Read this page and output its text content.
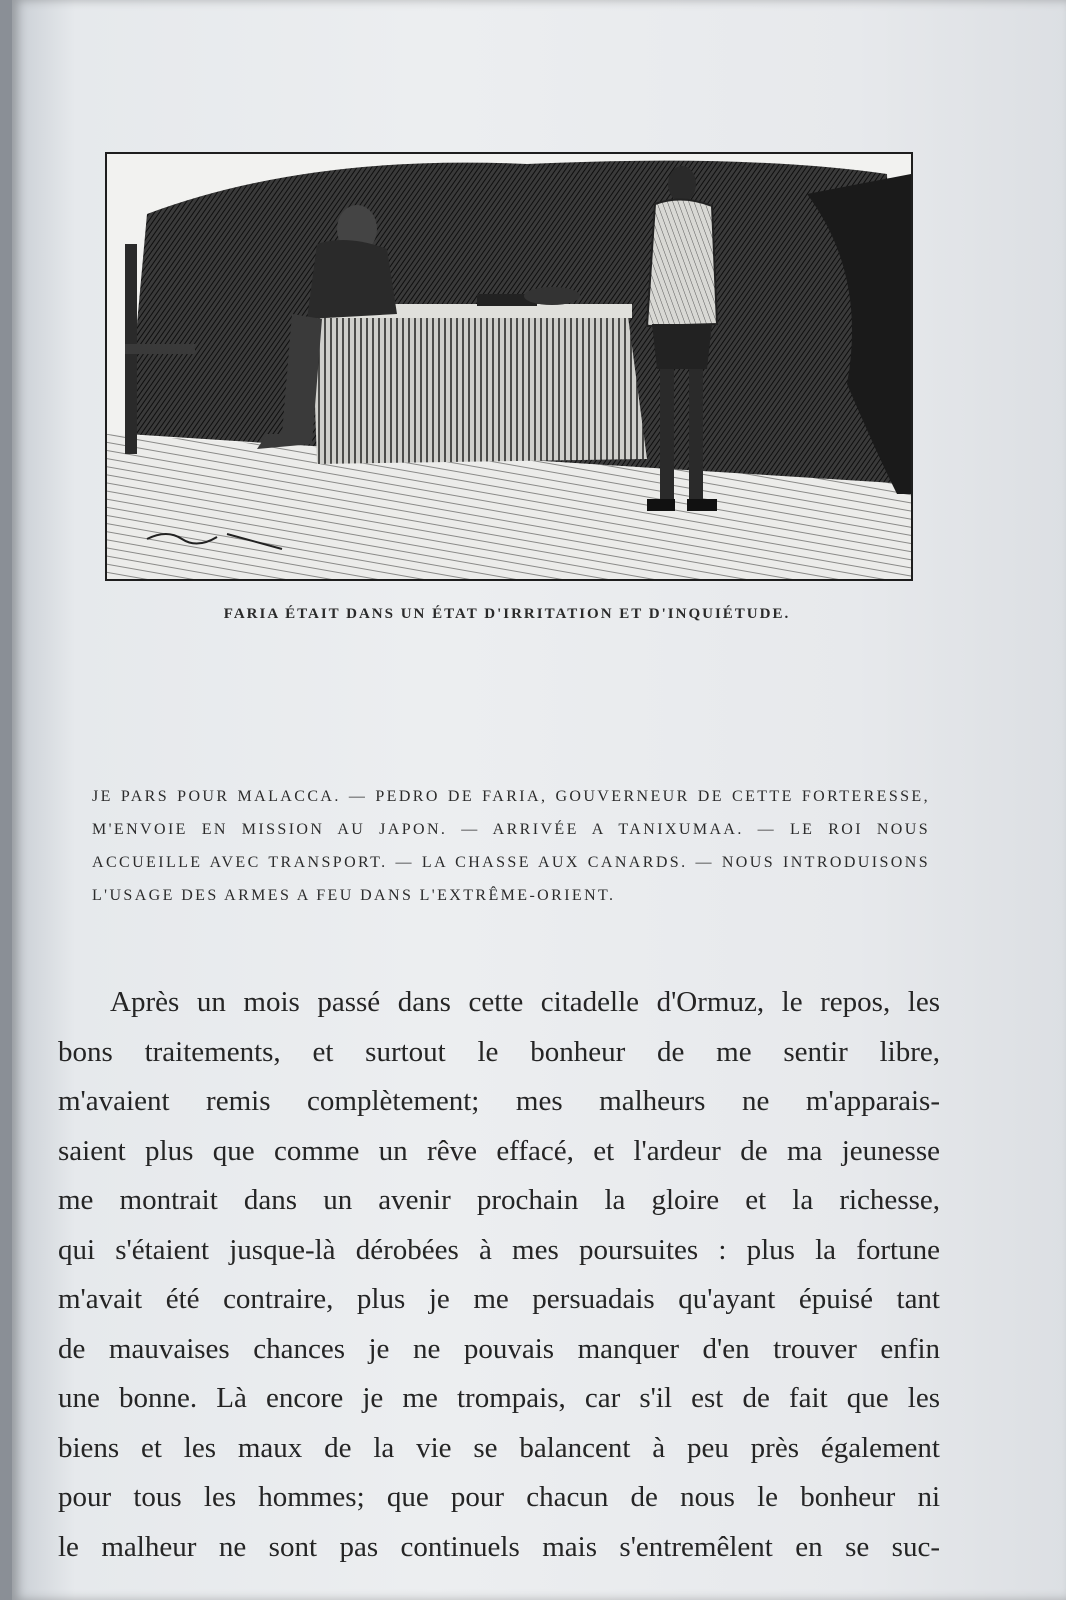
FARIA ÉTAIT DANS UN ÉTAT D'IRRITATION ET D'INQUIÉTUDE.
JE PARS POUR MALACCA. — PEDRO DE FARIA, GOUVERNEUR DE CETTE FORTERESSE, M'ENVOIE EN MISSION AU JAPON. — ARRIVÉE A TANIXUMAA. — LE ROI NOUS ACCUEILLE AVEC TRANSPORT. — LA CHASSE AUX CANARDS. — NOUS INTRODUISONS L'USAGE DES ARMES A FEU DANS L'EXTRÊME-ORIENT.
Après un mois passé dans cette citadelle d'Ormuz, le repos, les
bons traitements, et surtout le bonheur de me sentir libre,
m'avaient remis complètement; mes malheurs ne m'apparais-
saient plus que comme un rêve effacé, et l'ardeur de ma jeunesse
me montrait dans un avenir prochain la gloire et la richesse,
qui s'étaient jusque-là dérobées à mes poursuites : plus la fortune
m'avait été contraire, plus je me persuadais qu'ayant épuisé tant
de mauvaises chances je ne pouvais manquer d'en trouver enfin
une bonne. Là encore je me trompais, car s'il est de fait que les
biens et les maux de la vie se balancent à peu près également
pour tous les hommes; que pour chacun de nous le bonheur ni
le malheur ne sont pas continuels mais s'entremêlent en se suc-
